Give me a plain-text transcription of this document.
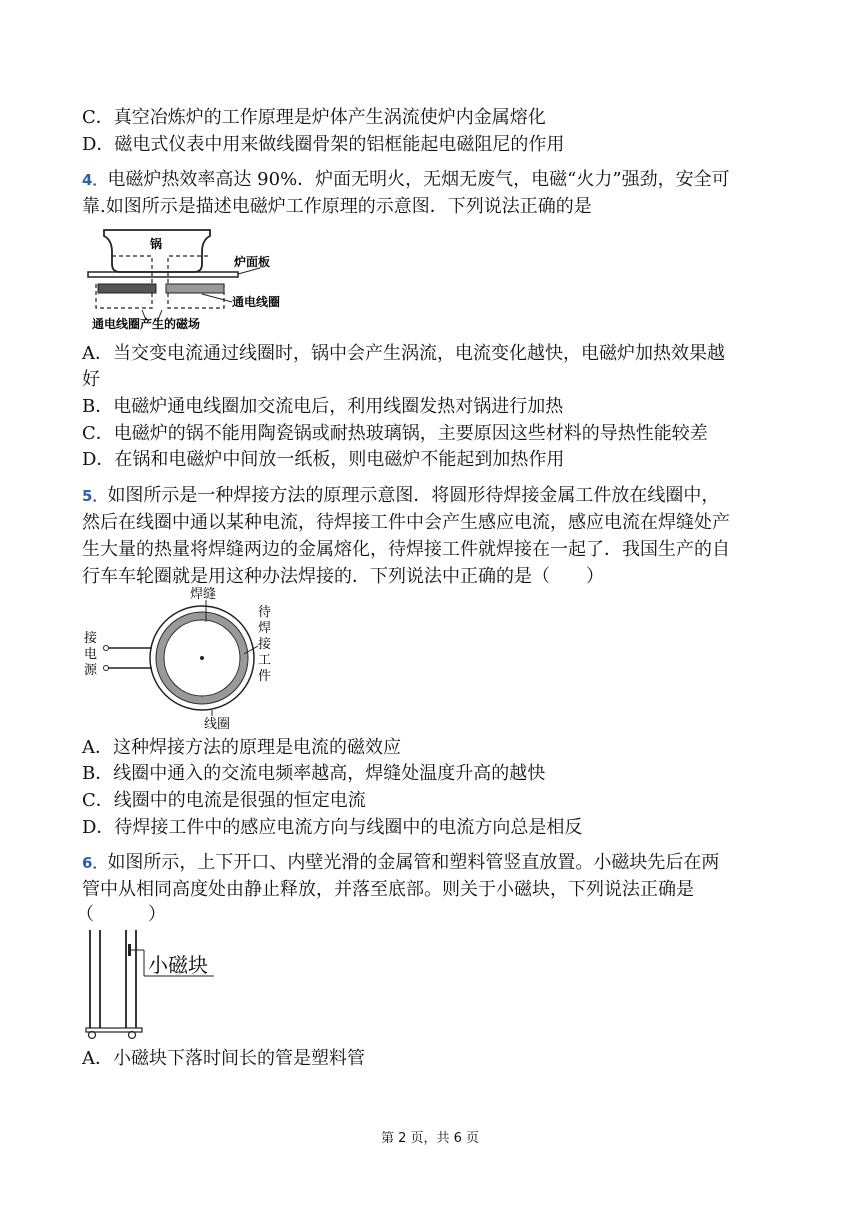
C．真空冶炼炉的工作原理是炉体产生涡流使炉内金属熔化
D．磁电式仪表中用来做线圈骨架的铝框能起电磁阻尼的作用
4．电磁炉热效率高达 90%．炉面无明火，无烟无废气，电磁“火力”强劲，安全可
靠.如图所示是描述电磁炉工作原理的示意图．下列说法正确的是
锅
炉面板
通电线圈
通电线圈产生的磁场
A．当交变电流通过线圈时，锅中会产生涡流，电流变化越快，电磁炉加热效果越
好
B．电磁炉通电线圈加交流电后，利用线圈发热对锅进行加热
C．电磁炉的锅不能用陶瓷锅或耐热玻璃锅，主要原因这些材料的导热性能较差
D．在锅和电磁炉中间放一纸板，则电磁炉不能起到加热作用
5．如图所示是一种焊接方法的原理示意图．将圆形待焊接金属工件放在线圈中，
然后在线圈中通以某种电流，待焊接工件中会产生感应电流，感应电流在焊缝处产
生大量的热量将焊缝两边的金属熔化，待焊接工件就焊接在一起了．我国生产的自
行车车轮圈就是用这种办法焊接的．下列说法中正确的是（　　）
焊缝
待
焊
接
工
件
接
电
源
线圈
A．这种焊接方法的原理是电流的磁效应
B．线圈中通入的交流电频率越高，焊缝处温度升高的越快
C．线圈中的电流是很强的恒定电流
D．待焊接工件中的感应电流方向与线圈中的电流方向总是相反
6．如图所示，上下开口、内壁光滑的金属管和塑料管竖直放置。小磁块先后在两
管中从相同高度处由静止释放，并落至底部。则关于小磁块，下列说法正确是
（　　　）
小磁块
A．小磁块下落时间长的管是塑料管
第 2 页，共 6 页
